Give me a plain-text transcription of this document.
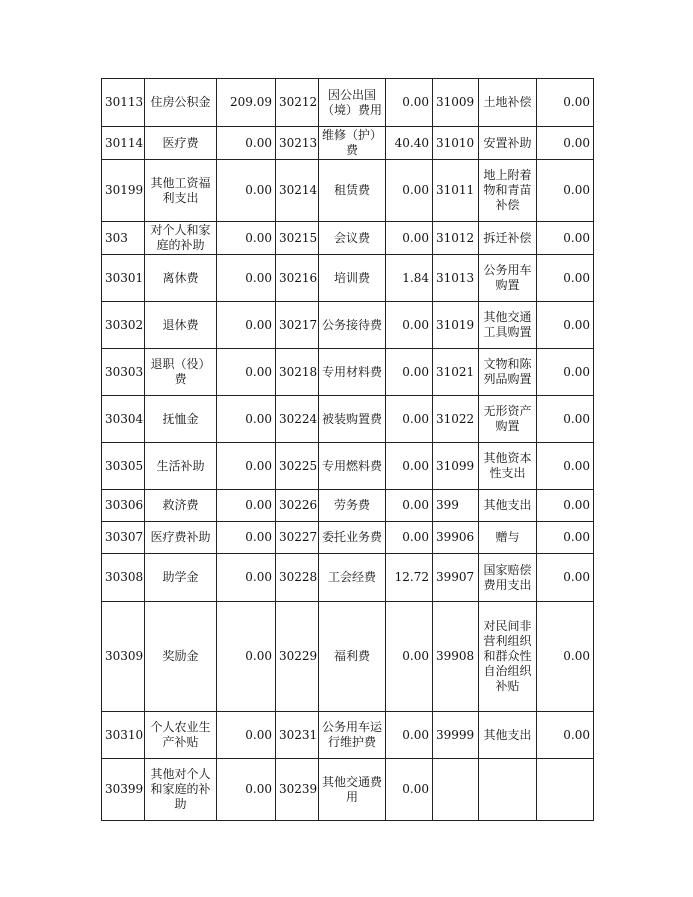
30113	住房公积金	209.09	30212	因公出国（境）费用	0.00	31009	土地补偿	0.00
30114	医疗费	0.00	30213	维修（护）费	40.40	31010	安置补助	0.00
30199	其他工资福利支出	0.00	30214	租赁费	0.00	31011	地上附着物和青苗补偿	0.00
303	对个人和家庭的补助	0.00	30215	会议费	0.00	31012	拆迁补偿	0.00
30301	离休费	0.00	30216	培训费	1.84	31013	公务用车购置	0.00
30302	退休费	0.00	30217	公务接待费	0.00	31019	其他交通工具购置	0.00
30303	退职（役）费	0.00	30218	专用材料费	0.00	31021	文物和陈列品购置	0.00
30304	抚恤金	0.00	30224	被装购置费	0.00	31022	无形资产购置	0.00
30305	生活补助	0.00	30225	专用燃料费	0.00	31099	其他资本性支出	0.00
30306	救济费	0.00	30226	劳务费	0.00	399	其他支出	0.00
30307	医疗费补助	0.00	30227	委托业务费	0.00	39906	赠与	0.00
30308	助学金	0.00	30228	工会经费	12.72	39907	国家赔偿费用支出	0.00
30309	奖励金	0.00	30229	福利费	0.00	39908	对民间非营利组织和群众性自治组织补贴	0.00
30310	个人农业生产补贴	0.00	30231	公务用车运行维护费	0.00	39999	其他支出	0.00
30399	其他对个人和家庭的补助	0.00	30239	其他交通费用	0.00			
